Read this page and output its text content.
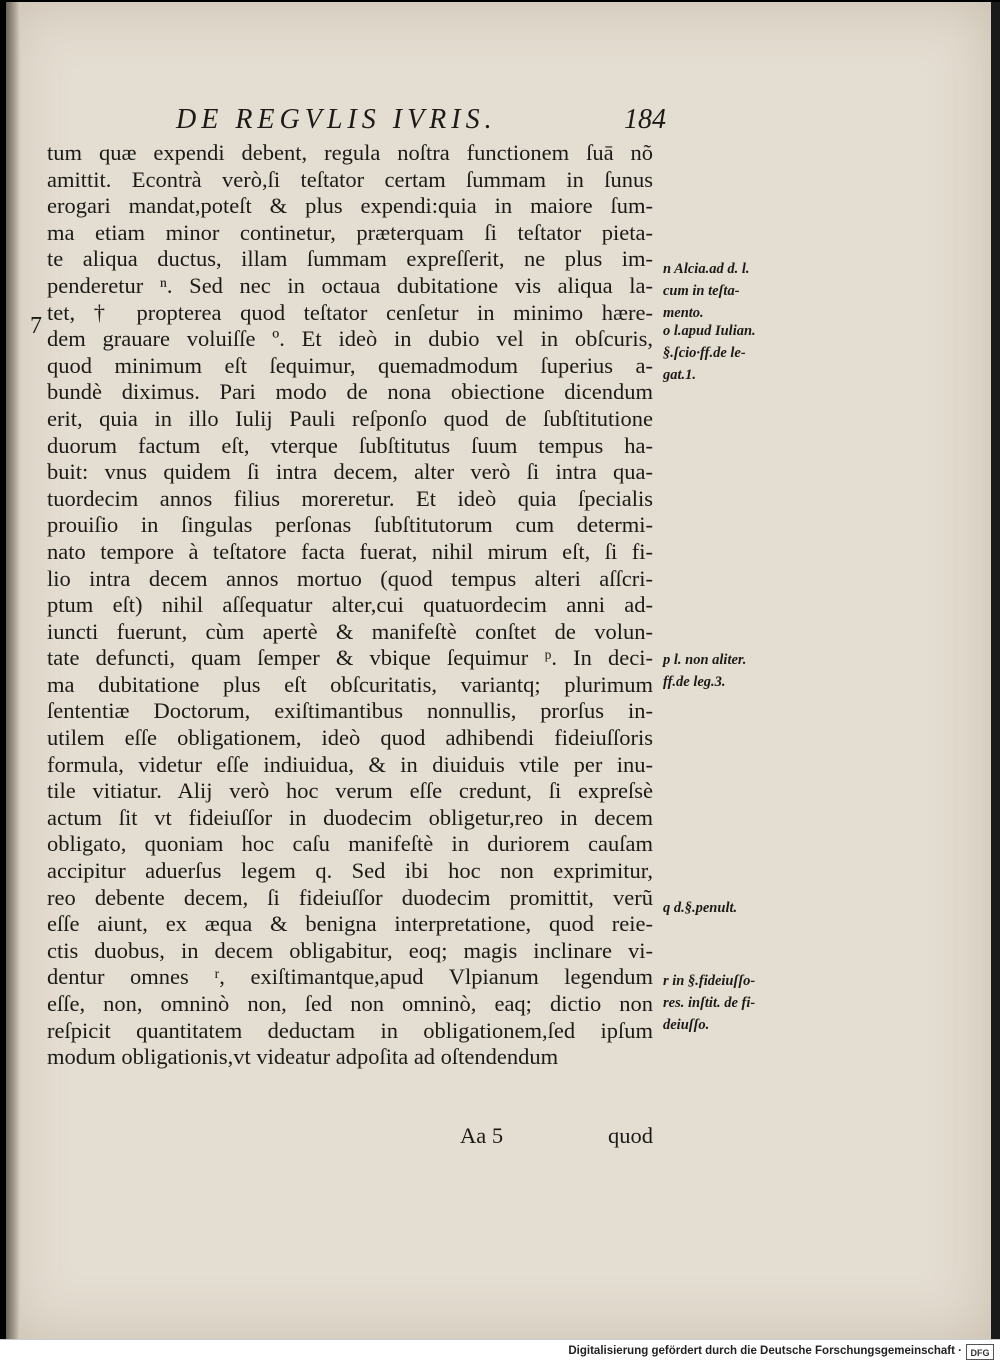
DE REGVLIS IVRIS.	184
7
tum quæ expendi debent, regula noſtra functionem ſuā nõ
amittit. Econtrà verò,ſi teſtator certam ſummam in ſunus
erogari mandat,poteſt & plus expendi:quia in maiore ſum-
ma etiam minor continetur, præterquam ſi teſtator pieta-
te aliqua ductus, illam ſummam expreſſerit, ne plus im-
penderetur ⁿ. Sed nec in octaua dubitatione vis aliqua la-
tet, † propterea quod teſtator cenſetur in minimo hære-
dem grauare voluiſſe º. Et ideò in dubio vel in obſcuris,
quod minimum eſt ſequimur, quemadmodum ſuperius a-
bundè diximus. Pari modo de nona obiectione dicendum
erit, quia in illo Iulij Pauli reſponſo quod de ſubſtitutione
duorum factum eſt, vterque ſubſtitutus ſuum tempus ha-
buit: vnus quidem ſi intra decem, alter verò ſi intra qua-
tuordecim annos filius moreretur. Et ideò quia ſpecialis
prouiſio in ſingulas perſonas ſubſtitutorum cum determi-
nato tempore à teſtatore facta fuerat, nihil mirum eſt, ſi fi-
lio intra decem annos mortuo (quod tempus alteri aſſcri-
ptum eſt) nihil aſſequatur alter,cui quatuordecim anni ad-
iuncti fuerunt, cùm apertè & manifeſtè conſtet de volun-
tate defuncti, quam ſemper & vbique ſequimur ᵖ. In deci-
ma dubitatione plus eſt obſcuritatis, variantq; plurimum
ſententiæ Doctorum, exiſtimantibus nonnullis, prorſus in-
utilem eſſe obligationem, ideò quod adhibendi fideiuſſoris
formula, videtur eſſe indiuidua, & in diuiduis vtile per inu-
tile vitiatur. Alij verò hoc verum eſſe credunt, ſi expreſsè
actum ſit vt fideiuſſor in duodecim obligetur,reo in decem
obligato, quoniam hoc caſu manifeſtè in duriorem cauſam
accipitur aduerſus legem q. Sed ibi hoc non exprimitur,
reo debente decem, ſi fideiuſſor duodecim promittit, verũ
eſſe aiunt, ex æqua & benigna interpretatione, quod reie-
ctis duobus, in decem obligabitur, eoq; magis inclinare vi-
dentur omnes ʳ, exiſtimantque,apud Vlpianum legendum
eſſe, non, omninò non, ſed non omninò, eaq; dictio non
reſpicit quantitatem deductam in obligationem,ſed ipſum
modum obligationis,vt videatur adpoſita ad oſtendendum
n Alcia.ad d. l.
cum in teſta-
mento.
o l.apud Iulian.
§.ſcio·ff.de le-
gat.1.
p l. non aliter.
ff.de leg.3.
q d.§.penult.
r in §.fideiuſſo-
res. inſtit. de fi-
deiuſſo.
Aa 5	quod
Digitalisierung gefördert durch die Deutsche Forschungsgemeinschaft · DFG
